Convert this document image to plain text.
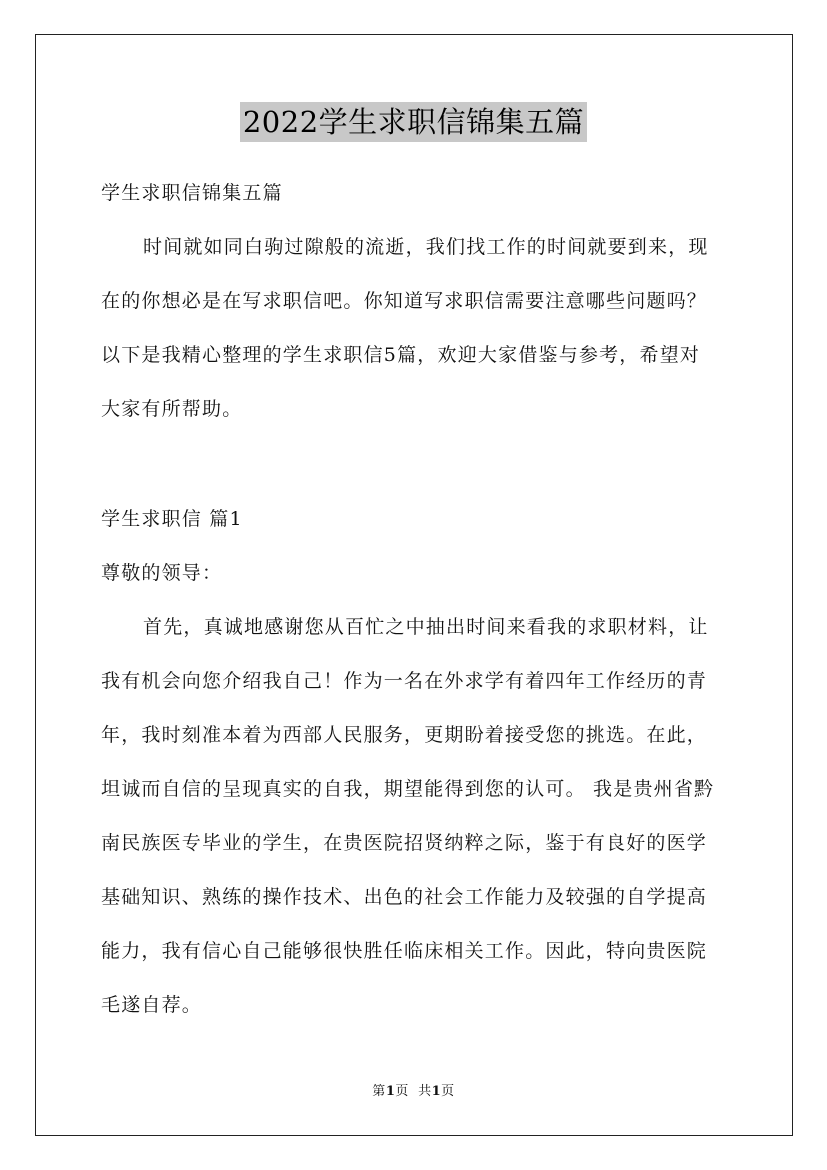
2022学生求职信锦集五篇
学生求职信锦集五篇
时间就如同白驹过隙般的流逝，我们找工作的时间就要到来，现
在的你想必是在写求职信吧。你知道写求职信需要注意哪些问题吗？
以下是我精心整理的学生求职信5篇，欢迎大家借鉴与参考，希望对
大家有所帮助。
学生求职信 篇1
尊敬的领导：
首先，真诚地感谢您从百忙之中抽出时间来看我的求职材料，让
我有机会向您介绍我自己！作为一名在外求学有着四年工作经历的青
年，我时刻准本着为西部人民服务，更期盼着接受您的挑选。在此，
坦诚而自信的呈现真实的自我，期望能得到您的认可。 我是贵州省黔
南民族医专毕业的学生，在贵医院招贤纳粹之际，鉴于有良好的医学
基础知识、熟练的操作技术、出色的社会工作能力及较强的自学提高
能力，我有信心自己能够很快胜任临床相关工作。因此，特向贵医院
毛遂自荐。
第1页  共1页
